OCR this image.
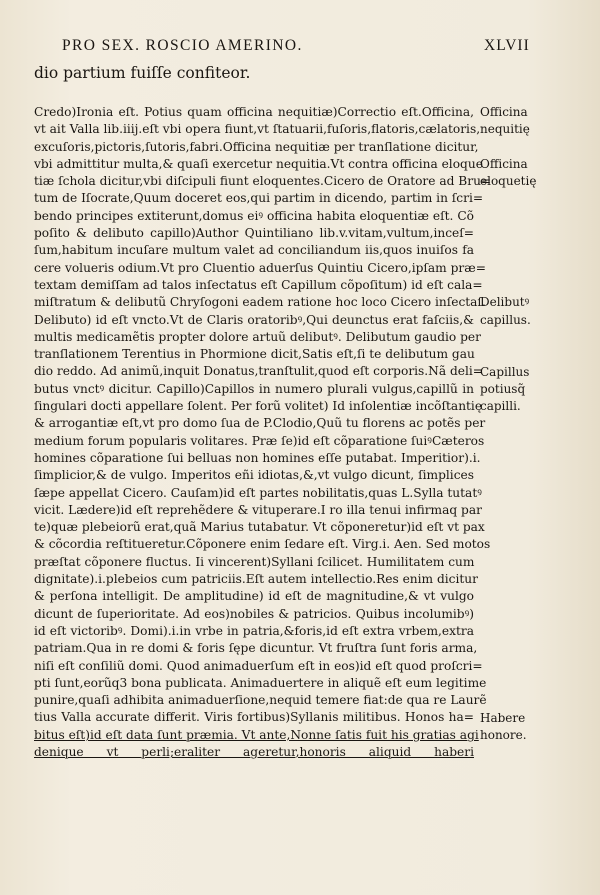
PRO SEX. ROSCIO AMERINO.	XLVII
dio partium fuiſſe confiteor.
Credo)Ironia eſt. Potius quam officina nequitiæ)Correctio eſt.Officina,
vt ait Valla lib.iiij.eſt vbi opera fiunt,vt ſtatuarii,fuſoris,flatoris,cælatoris,
excuſoris,pictoris,ſutoris,fabri.Officina nequitiæ per tranſlatione dicitur,
vbi admittitur multa,& quaſi exercetur nequitia.Vt contra officina eloque
tiæ ſchola dicitur,vbi diſcipuli fiunt eloquentes.Cicero de Oratore ad Bru=
tum de Iſocrate,Quum doceret eos,qui partim in dicendo, partim in ſcri=
bendo principes extiterunt,domus eiꝰ officina habita eloquentiæ eſt. Cõ
poſito & delibuto capillo)Author Quintiliano lib.v.vitam,vultum,inceſ=
ſum,habitum incuſare multum valet ad conciliandum iis,quos inuiſos fa
cere volueris odium.Vt pro Cluentio aduerſus Quintiu Cicero,ipſam præ=
textam demiſſam ad talos inſectatus eſt Capillum cõpoſitum) id eſt cala=
miſtratum & delibutũ Chryſogoni eadem ratione hoc loco Cicero inſectaſ.
Delibuto) id eſt vncto.Vt de Claris oratoribꝰ,Qui deunctus erat faſciis,&
multis medicamẽtis propter dolore artuũ delibutꝰ. Delibutum gaudio per
tranſlationem Terentius in Phormione dicit,Satis eſt,ſi te delibutum gau
dio reddo. Ad animũ,inquit Donatus,tranſtulit,quod eſt corporis.Nã deli=
butus vnctꝰ dicitur. Capillo)Capillos in numero plurali vulgus,capillũ in
ſingulari docti appellare ſolent. Per forũ volitet) Id inſolentiæ incõſtantię
& arrogantiæ eſt,vt pro domo ſua de P.Clodio,Quũ tu florens ac potẽs per
medium forum popularis volitares. Præ ſe)id eſt cõparatione ſuiꝰCæteros
homines cõparatione ſui belluas non homines eſſe putabat. Imperitior).i.
ſimplicior,& de vulgo. Imperitos eñi idiotas,&,vt vulgo dicunt, ſimplices
ſæpe appellat Cicero. Cauſam)id eſt partes nobilitatis,quas L.Sylla tutatꝰ
vicit. Lædere)id eſt reprehẽdere & vituperare.I ro illa tenui infirmaq par
te)quæ plebeiorũ erat,quã Marius tutabatur. Vt cõponeretur)id eſt vt pax
& cõcordia reſtitueretur.Cõponere enim ſedare eſt. Virg.i. Aen. Sed motos
præſtat cõponere fluctus. Ii vincerent)Syllani ſcilicet. Humilitatem cum
dignitate).i.plebeios cum patriciis.Eſt autem intellectio.Res enim dicitur
& perſona intelligit. De amplitudine) id eſt de magnitudine,& vt vulgo
dicunt de ſuperioritate. Ad eos)nobiles & patricios. Quibus incolumibꝰ)
id eſt victoribꝰ. Domi).i.in vrbe in patria,&foris,id eſt extra vrbem,extra
patriam.Qua in re domi & foris ſępe dicuntur. Vt fruſtra ſunt foris arma,
niſi eſt conſiliũ domi. Quod animaduerſum eſt in eos)id eſt quod proſcri=
pti ſunt,eorũq3 bona publicata. Animaduertere in aliquẽ eſt eum legitime
punire,quaſi adhibita animaduerſione,nequid temere fiat:de qua re Laurẽ
tius Valla accurate differit. Viris fortibus)Syllanis militibus. Honos ha=
bitus eſt)id eſt data ſunt præmia. Vt ante,Nonne ſatis fuit his gratias agi
denique vt perli;eraliter ageretur,honoris aliquid haberi
Officina
Officina
eloquetię
Delibutꝰ
capillus.
Capillus
potiusq̃
capilli.
Habere
honore.
nequitię
